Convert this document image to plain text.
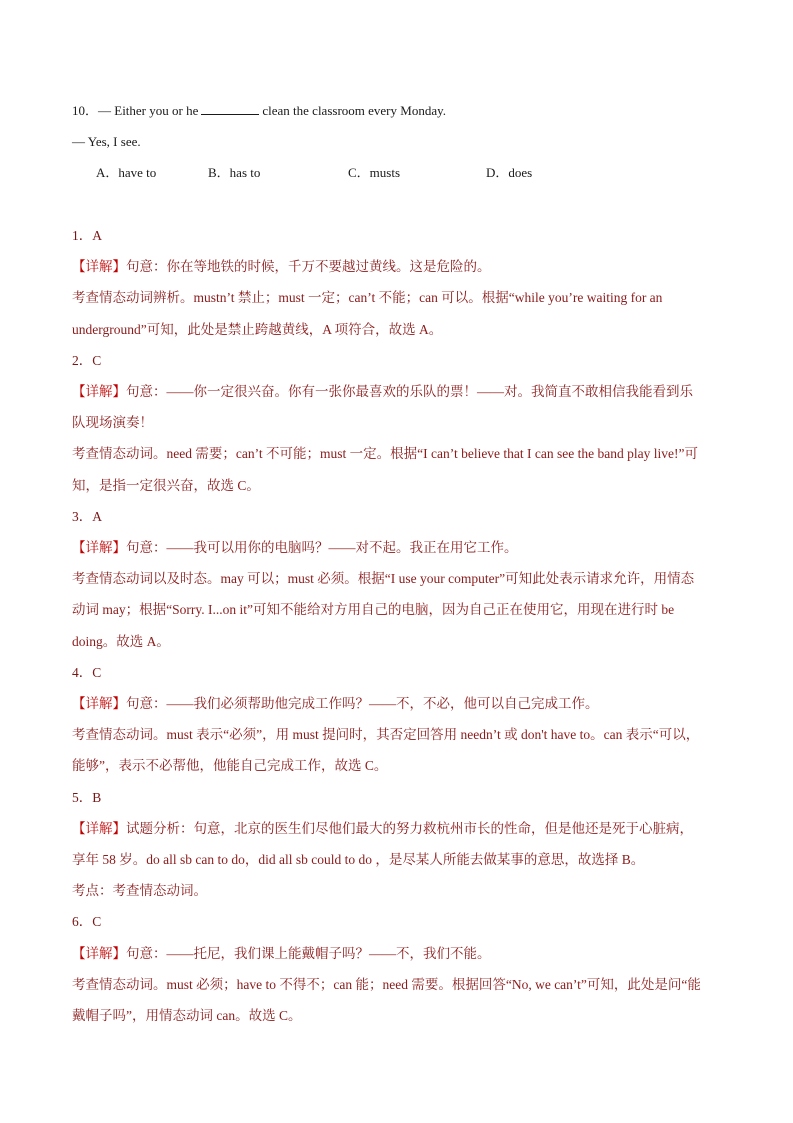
10．— Either you or he	clean the classroom every Monday.
— Yes, I see.
A．have to	B．has to	C．musts	D．does
1．A
【详解】句意：你在等地铁的时候，千万不要越过黄线。这是危险的。
考查情态动词辨析。mustn’t 禁止；must 一定；can’t 不能；can 可以。根据“while you’re waiting for an
underground”可知，此处是禁止跨越黄线，A 项符合，故选 A。
2．C
【详解】句意：——你一定很兴奋。你有一张你最喜欢的乐队的票！——对。我简直不敢相信我能看到乐
队现场演奏！
考查情态动词。need 需要；can’t 不可能；must 一定。根据“I can’t believe that I can see the band play live!”可
知，是指一定很兴奋，故选 C。
3．A
【详解】句意：——我可以用你的电脑吗？——对不起。我正在用它工作。
考查情态动词以及时态。may 可以；must 必须。根据“I use your computer”可知此处表示请求允许，用情态
动词 may；根据“Sorry. I...on it”可知不能给对方用自己的电脑，因为自己正在使用它，用现在进行时 be
doing。故选 A。
4．C
【详解】句意：——我们必须帮助他完成工作吗？——不，不必，他可以自己完成工作。
考查情态动词。must 表示“必须”，用 must 提问时，其否定回答用 needn’t 或 don't have to。can 表示“可以，
能够”，表示不必帮他，他能自己完成工作，故选 C。
5．B
【详解】试题分析：句意，北京的医生们尽他们最大的努力救杭州市长的性命，但是他还是死于心脏病，
享年 58 岁。do all sb can to do，did all sb could to do ，是尽某人所能去做某事的意思，故选择 B。
考点：考查情态动词。
6．C
【详解】句意：——托尼，我们课上能戴帽子吗？——不，我们不能。
考查情态动词。must 必须；have to 不得不；can 能；need 需要。根据回答“No, we can’t”可知，此处是问“能
戴帽子吗”，用情态动词 can。故选 C。
